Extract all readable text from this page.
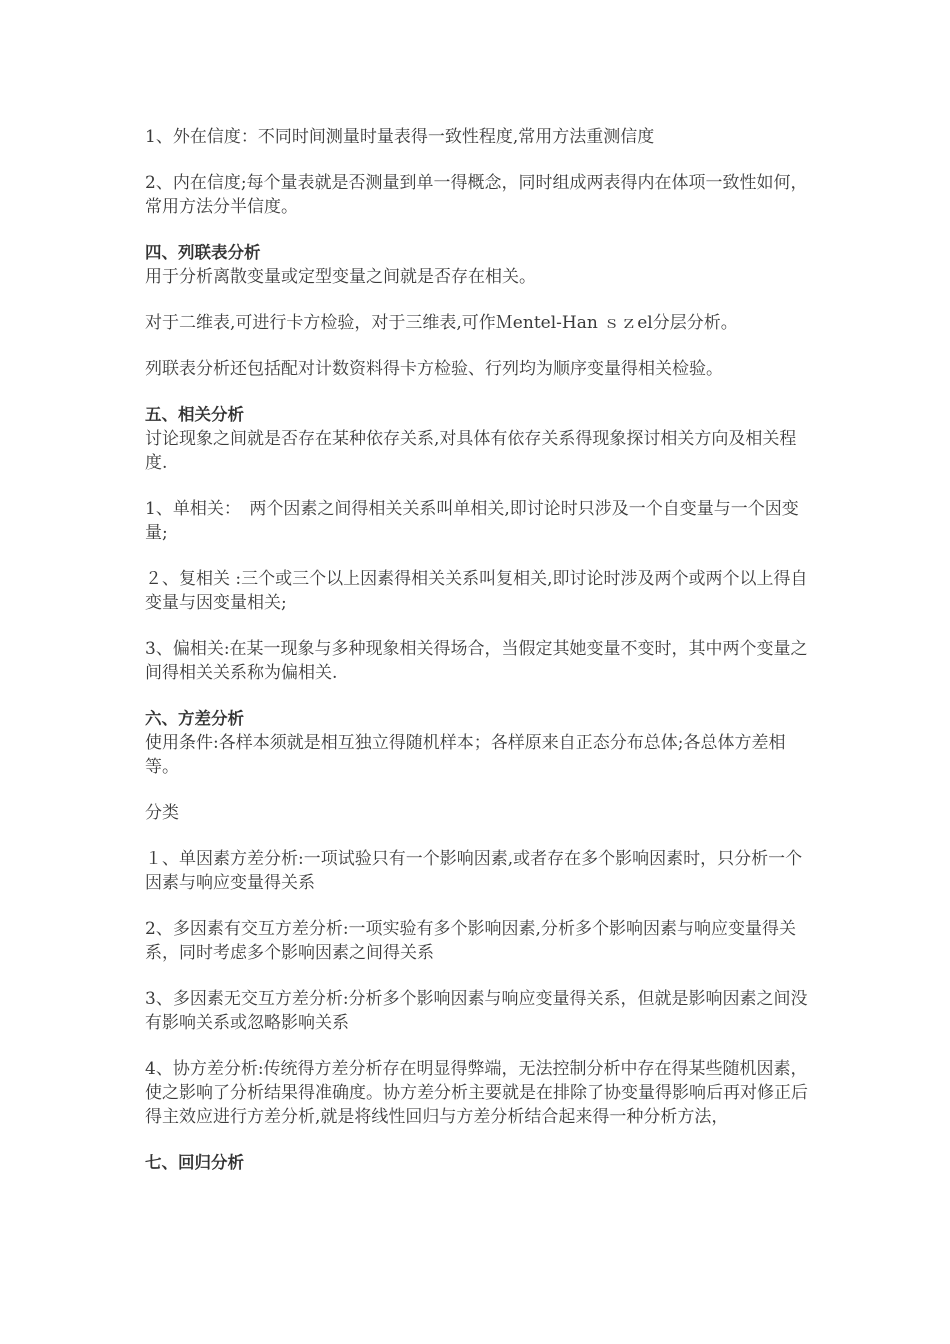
1、外在信度：不同时间测量时量表得一致性程度,常用方法重测信度

2、内在信度;每个量表就是否测量到单一得概念，同时组成两表得内在体项一致性如何，常用方法分半信度。

四、列联表分析

用于分析离散变量或定型变量之间就是否存在相关。

对于二维表,可进行卡方检验，对于三维表,可作Ｍentel-Han ｓｚel分层分析。

列联表分析还包括配对计数资料得卡方检验、行列均为顺序变量得相关检验。

五、相关分析

讨论现象之间就是否存在某种依存关系,对具体有依存关系得现象探讨相关方向及相关程度.

1、单相关：　两个因素之间得相关关系叫单相关,即讨论时只涉及一个自变量与一个因变量;

２、复相关 :三个或三个以上因素得相关关系叫复相关,即讨论时涉及两个或两个以上得自变量与因变量相关;

3、偏相关:在某一现象与多种现象相关得场合，当假定其她变量不变时，其中两个变量之间得相关关系称为偏相关.

六、方差分析

使用条件:各样本须就是相互独立得随机样本；各样原来自正态分布总体;各总体方差相等。

分类

１、单因素方差分析:一项试验只有一个影响因素,或者存在多个影响因素时，只分析一个因素与响应变量得关系

2、多因素有交互方差分析:一项实验有多个影响因素,分析多个影响因素与响应变量得关系，同时考虑多个影响因素之间得关系

3、多因素无交互方差分析:分析多个影响因素与响应变量得关系，但就是影响因素之间没有影响关系或忽略影响关系

4、协方差分析:传统得方差分析存在明显得弊端，无法控制分析中存在得某些随机因素，使之影响了分析结果得准确度。协方差分析主要就是在排除了协变量得影响后再对修正后得主效应进行方差分析,就是将线性回归与方差分析结合起来得一种分析方法，

七、回归分析
